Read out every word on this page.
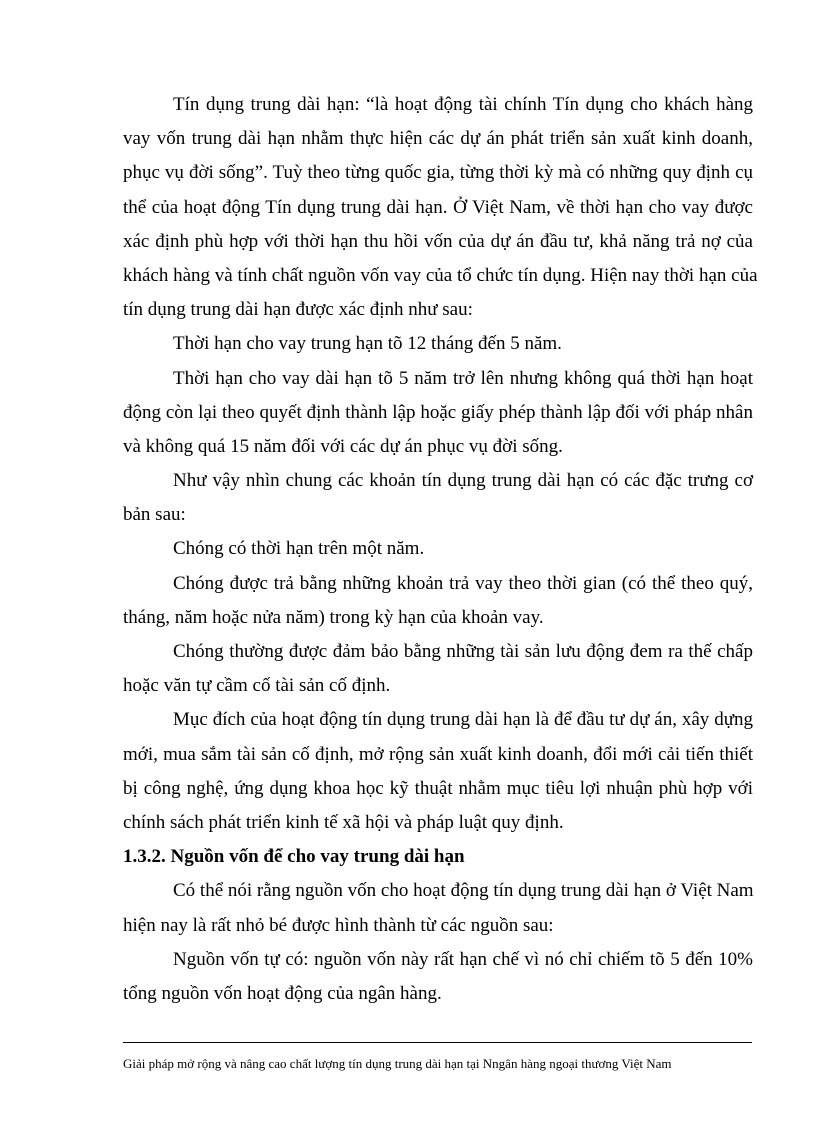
Tín dụng trung dài hạn: “là hoạt động tài chính Tín dụng cho khách hàng
vay vốn trung dài hạn nhằm thực hiện các dự án phát triển sản xuất kinh doanh,
phục vụ đời sống”. Tuỳ theo từng quốc gia, từng thời kỳ mà có những quy định cụ
thể của hoạt động Tín dụng trung dài hạn. Ở Việt Nam, về thời hạn cho vay được
xác định phù hợp với thời hạn thu hồi vốn của dự án đầu tư, khả năng trả nợ của
khách hàng và tính chất nguồn vốn vay của tổ chức tín dụng. Hiện nay thời hạn của
tín dụng trung dài hạn được xác định như sau:
Thời hạn cho vay trung hạn tõ 12 tháng đến 5 năm.
Thời hạn cho vay dài hạn tõ 5 năm trở lên nhưng không quá thời hạn hoạt
động còn lại theo quyết định thành lập hoặc giấy phép thành lập đối với pháp nhân
và không quá 15 năm đối với các dự án phục vụ đời sống.
Như vậy nhìn chung các khoản tín dụng trung dài hạn có các đặc trưng cơ
bản sau:
Chóng có thời hạn trên một năm.
Chóng được trả bằng những khoản trả vay theo thời gian (có thể theo quý,
tháng, năm hoặc nửa năm) trong kỳ hạn của khoản vay.
Chóng thường được đảm bảo bằng những tài sản lưu động đem ra thế chấp
hoặc văn tự cầm cố tài sản cố định.
Mục đích của hoạt động tín dụng trung dài hạn là để đầu tư dự án, xây dựng
mới, mua sắm tài sản cố định, mở rộng sản xuất kinh doanh, đổi mới cải tiến thiết
bị công nghệ, ứng dụng khoa học kỹ thuật nhằm mục tiêu lợi nhuận phù hợp với
chính sách phát triển kinh tế xã hội và pháp luật quy định.
1.3.2. Nguồn vốn để cho vay trung dài hạn
Có thể nói rằng nguồn vốn cho hoạt động tín dụng trung dài hạn ở Việt Nam
hiện nay là rất nhỏ bé được hình thành từ các nguồn sau:
Nguồn vốn tự có: nguồn vốn này rất hạn chế vì nó chỉ chiếm tõ 5 đến 10%
tổng nguồn vốn hoạt động của ngân hàng.
Giải pháp mở rộng và nâng cao chất lượng tín dụng trung dài hạn tại Nngân hàng ngoại thương Việt Nam
